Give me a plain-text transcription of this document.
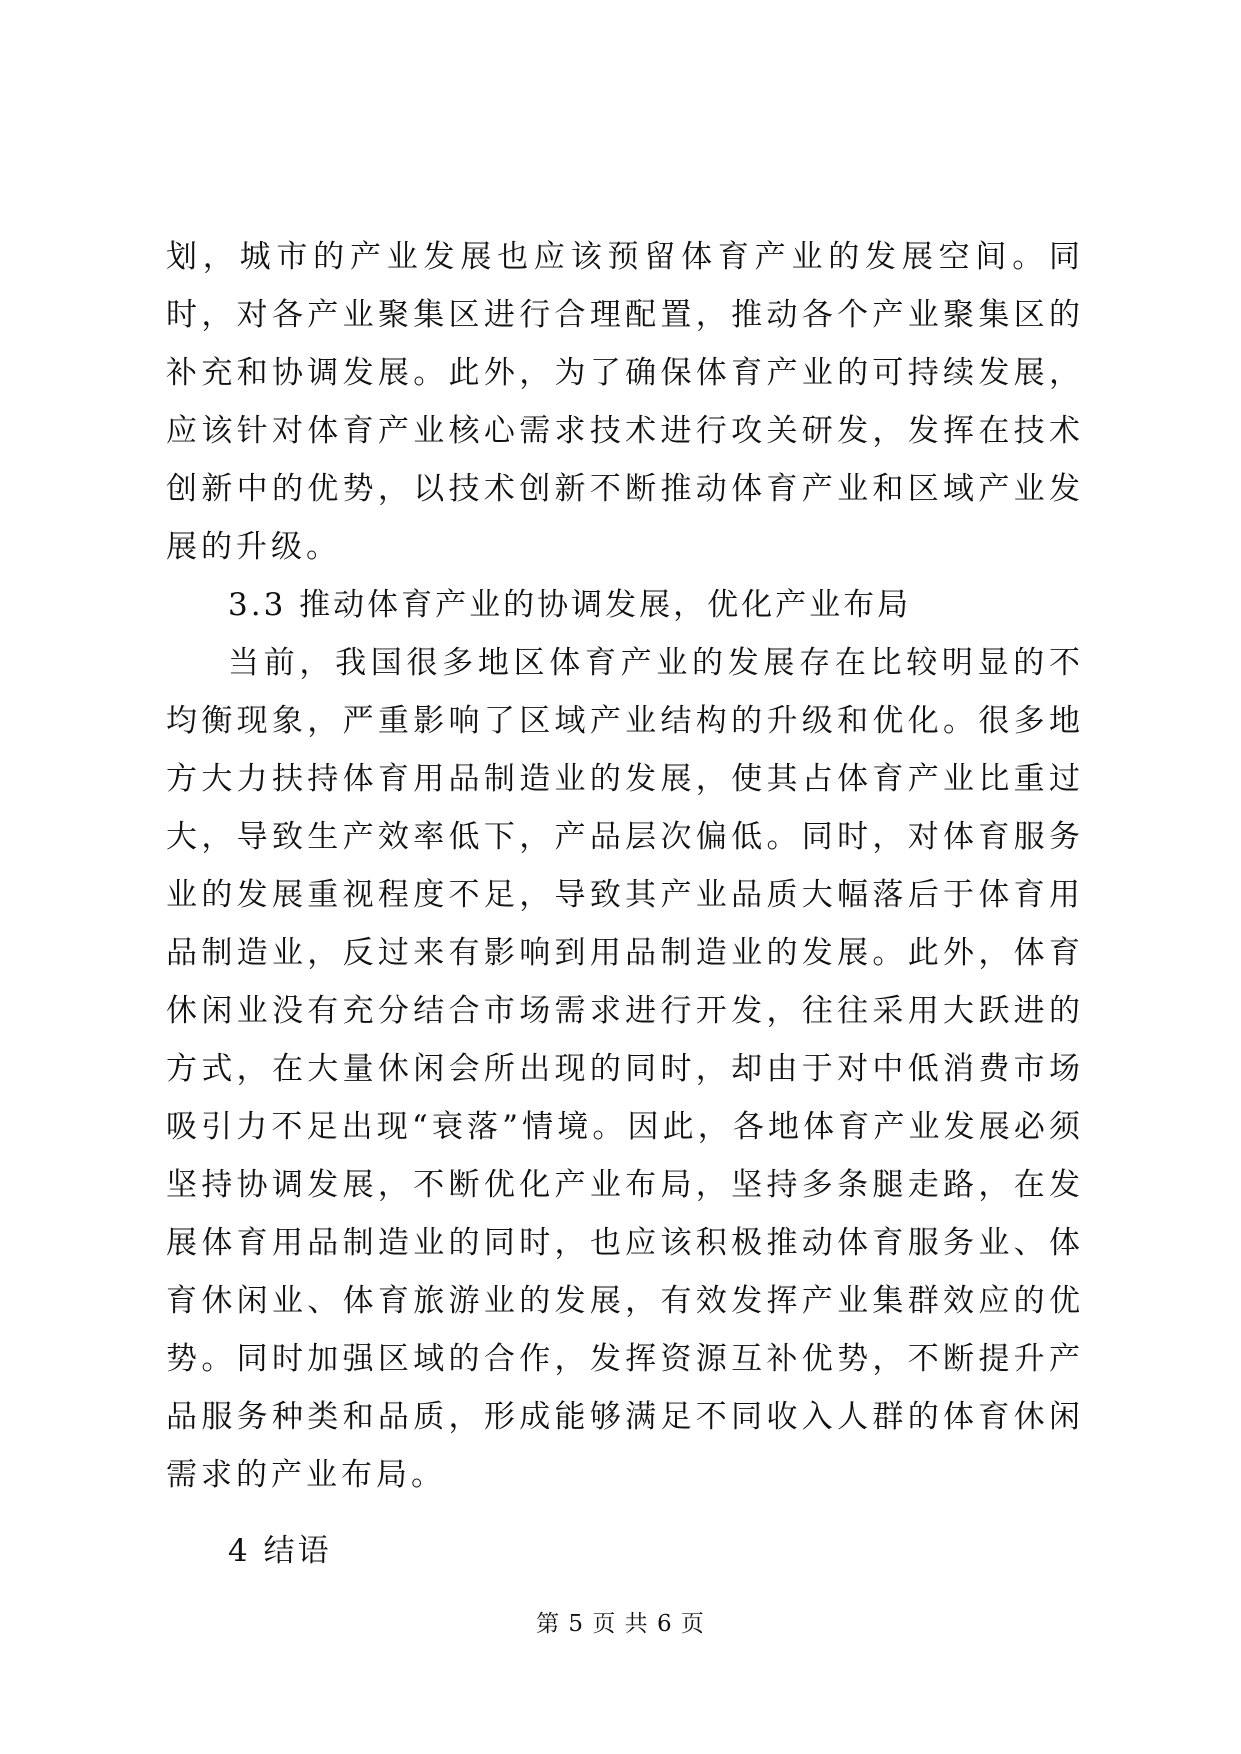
划，城市的产业发展也应该预留体育产业的发展空间。同时，对各产业聚集区进行合理配置，推动各个产业聚集区的补充和协调发展。此外，为了确保体育产业的可持续发展，应该针对体育产业核心需求技术进行攻关研发，发挥在技术创新中的优势，以技术创新不断推动体育产业和区域产业发展的升级。

3.3 推动体育产业的协调发展，优化产业布局

当前，我国很多地区体育产业的发展存在比较明显的不均衡现象，严重影响了区域产业结构的升级和优化。很多地方大力扶持体育用品制造业的发展，使其占体育产业比重过大，导致生产效率低下，产品层次偏低。同时，对体育服务业的发展重视程度不足，导致其产业品质大幅落后于体育用品制造业，反过来有影响到用品制造业的发展。此外，体育休闲业没有充分结合市场需求进行开发，往往采用大跃进的方式，在大量休闲会所出现的同时，却由于对中低消费市场吸引力不足出现“衰落”情境。因此，各地体育产业发展必须坚持协调发展，不断优化产业布局，坚持多条腿走路，在发展体育用品制造业的同时，也应该积极推动体育服务业、体育休闲业、体育旅游业的发展，有效发挥产业集群效应的优势。同时加强区域的合作，发挥资源互补优势，不断提升产品服务种类和品质，形成能够满足不同收入人群的体育休闲需求的产业布局。

4 结语

第 5 页 共 6 页
